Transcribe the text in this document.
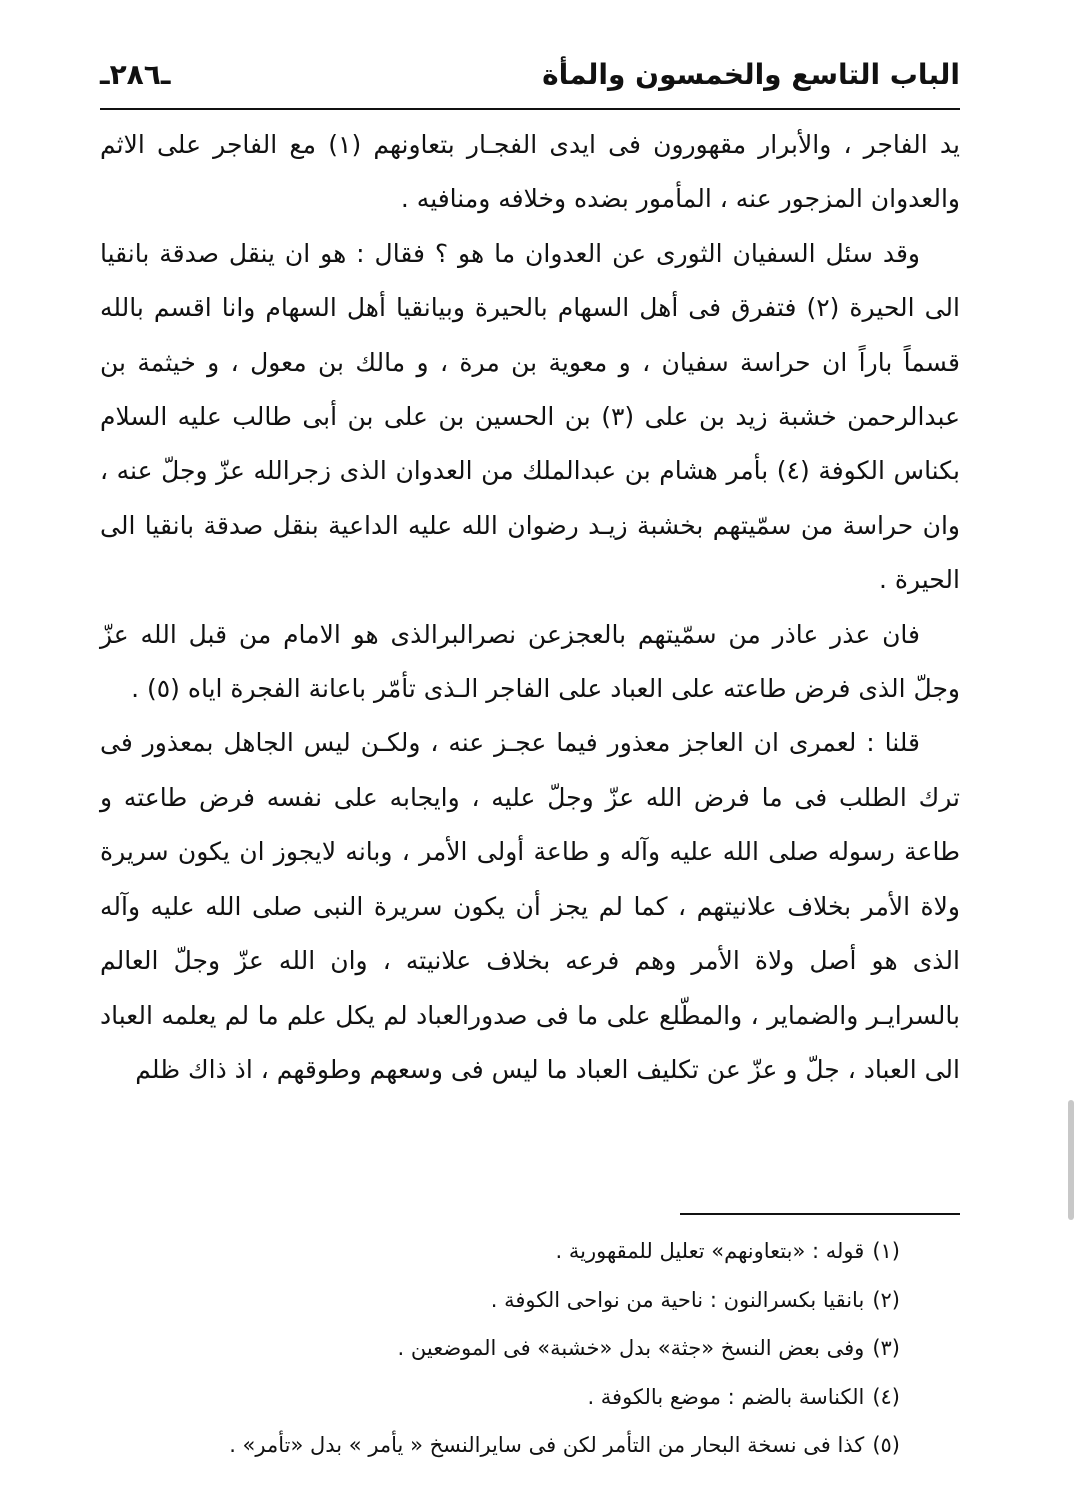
الباب التاسع والخمسون والمأة
ـ٢٨٦ـ

يد الفاجر ، والأبرار مقهورون فى ايدى الفجـار بتعاونهم (١) مع الفاجر على الاثم والعدوان المزجور عنه ، المأمور بضده وخلافه ومنافيه .

وقد سئل السفيان الثورى عن العدوان ما هو ؟ فقال : هو ان ينقل صدقة بانقيا الى الحيرة (٢) فتفرق فى أهل السهام بالحيرة وبيانقيا أهل السهام وانا اقسم بالله قسماً باراً ان حراسة سفيان ، و معوية بن مرة ، و مالك بن معول ، و خيثمة بن عبدالرحمن خشبة زيد بن على (٣) بن الحسين بن على بن أبى طالب عليه السلام بكناس الكوفة (٤) بأمر هشام بن عبدالملك من العدوان الذى زجرالله عزّ وجلّ عنه ، وان حراسة من سمّيتهم بخشبة زيـد رضوان الله عليه الداعية بنقل صدقة بانقيا الى الحيرة .

فان عذر عاذر من سمّيتهم بالعجزعن نصرالبرالذى هو الامام من قبل الله عزّ وجلّ الذى فرض طاعته على العباد على الفاجر الـذى تأمّر باعانة الفجرة اياه (٥) .

قلنا : لعمرى ان العاجز معذور فيما عجـز عنه ، ولكـن ليس الجاهل بمعذور فى ترك الطلب فى ما فرض الله عزّ وجلّ عليه ، وايجابه على نفسه فرض طاعته و طاعة رسوله صلى الله عليه وآله و طاعة أولى الأمر ، وبانه لايجوز ان يكون سريرة ولاة الأمر بخلاف علانيتهم ، كما لم يجز أن يكون سريرة النبى صلى الله عليه وآله الذى هو أصل ولاة الأمر وهم فرعه بخلاف علانيته ، وان الله عزّ وجلّ العالم بالسرايـر والضماير ، والمطّلع على ما فى صدورالعباد لم يكل علم ما لم يعلمه العباد الى العباد ، جلّ و عزّ عن تكليف العباد ما ليس فى وسعهم وطوقهم ، اذ ذاك ظلم

(١)قوله : «بتعاونهم» تعليل للمقهورية .
(٢)بانقيا بكسرالنون : ناحية من نواحى الكوفة .
(٣)وفى بعض النسخ «جثة» بدل «خشبة» فى الموضعين .
(٤)الكناسة بالضم : موضع بالكوفة .
(٥)كذا فى نسخة البحار من التأمر لكن فى سايرالنسخ « يأمر » بدل «تأمر» .
